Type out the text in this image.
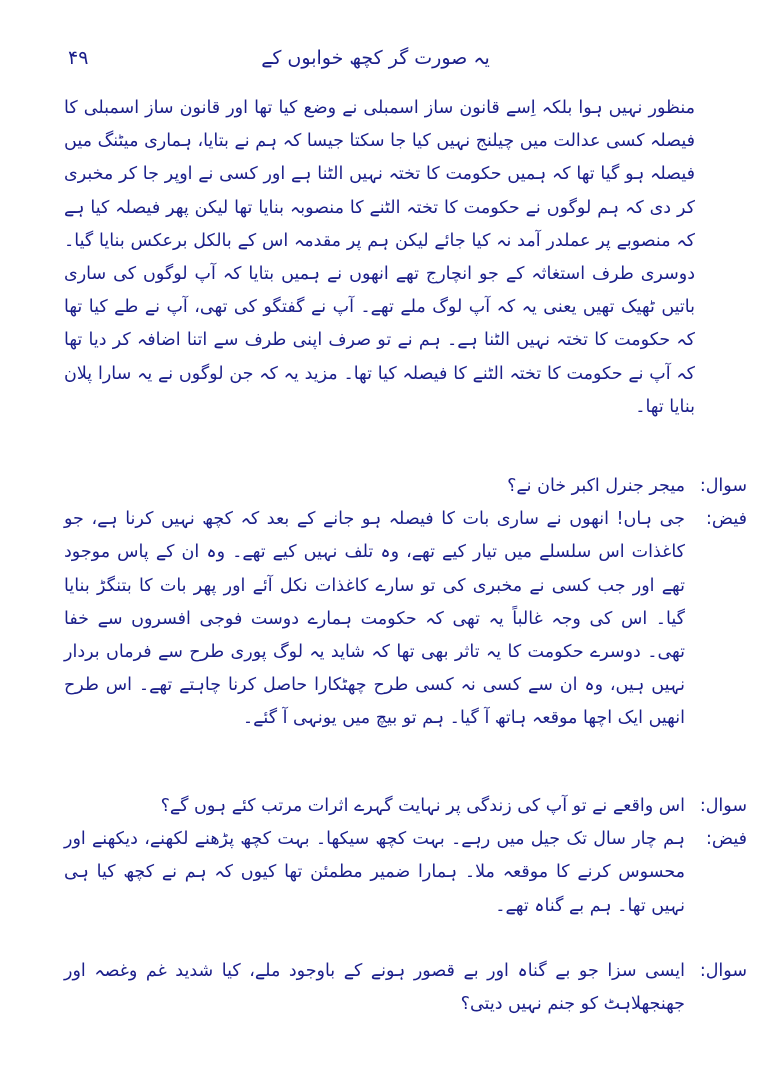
یہ صورت گر کچھ خوابوں کے
۴۹

منظور نہیں ہوا بلکہ اِسے قانون ساز اسمبلی نے وضع کیا تھا اور قانون ساز اسمبلی کا فیصلہ کسی عدالت میں چیلنج نہیں کیا جا سکتا جیسا کہ ہم نے بتایا، ہماری میٹنگ میں فیصلہ ہو گیا تھا کہ ہمیں حکومت کا تختہ نہیں الٹنا ہے اور کسی نے اوپر جا کر مخبری کر دی کہ ہم لوگوں نے حکومت کا تختہ الٹنے کا منصوبہ بنایا تھا لیکن پھر فیصلہ کیا ہے کہ منصوبے پر عملدر آمد نہ کیا جائے لیکن ہم پر مقدمہ اس کے بالکل برعکس بنایا گیا۔ دوسری طرف استغاثہ کے جو انچارج تھے انھوں نے ہمیں بتایا کہ آپ لوگوں کی ساری باتیں ٹھیک تھیں یعنی یہ کہ آپ لوگ ملے تھے۔ آپ نے گفتگو کی تھی، آپ نے طے کیا تھا کہ حکومت کا تختہ نہیں الٹنا ہے۔ ہم نے تو صرف اپنی طرف سے اتنا اضافہ کر دیا تھا کہ آپ نے حکومت کا تختہ الٹنے کا فیصلہ کیا تھا۔ مزید یہ کہ جن لوگوں نے یہ سارا پلان بنایا تھا۔

سوال:
میجر جنرل اکبر خان نے؟
فیض:
جی ہاں! انھوں نے ساری بات کا فیصلہ ہو جانے کے بعد کہ کچھ نہیں کرنا ہے، جو کاغذات اس سلسلے میں تیار کیے تھے، وہ تلف نہیں کیے تھے۔ وہ ان کے پاس موجود تھے اور جب کسی نے مخبری کی تو سارے کاغذات نکل آئے اور پھر بات کا بتنگڑ بنایا گیا۔ اس کی وجہ غالباً یہ تھی کہ حکومت ہمارے دوست فوجی افسروں سے خفا تھی۔ دوسرے حکومت کا یہ تاثر بھی تھا کہ شاید یہ لوگ پوری طرح سے فرماں بردار نہیں ہیں، وہ ان سے کسی نہ کسی طرح چھٹکارا حاصل کرنا چاہتے تھے۔ اس طرح انھیں ایک اچھا موقعہ ہاتھ آ گیا۔ ہم تو بیچ میں یونہی آ گئے۔
سوال:
اس واقعے نے تو آپ کی زندگی پر نہایت گہرے اثرات مرتب کئے ہوں گے؟
فیض:
ہم چار سال تک جیل میں رہے۔ بہت کچھ سیکھا۔ بہت کچھ پڑھنے لکھنے، دیکھنے اور محسوس کرنے کا موقعہ ملا۔ ہمارا ضمیر مطمئن تھا کیوں کہ ہم نے کچھ کیا ہی نہیں تھا۔ ہم بے گناہ تھے۔
سوال:
ایسی سزا جو بے گناہ اور بے قصور ہونے کے باوجود ملے، کیا شدید غم وغصہ اور جھنجھلاہٹ کو جنم نہیں دیتی؟
